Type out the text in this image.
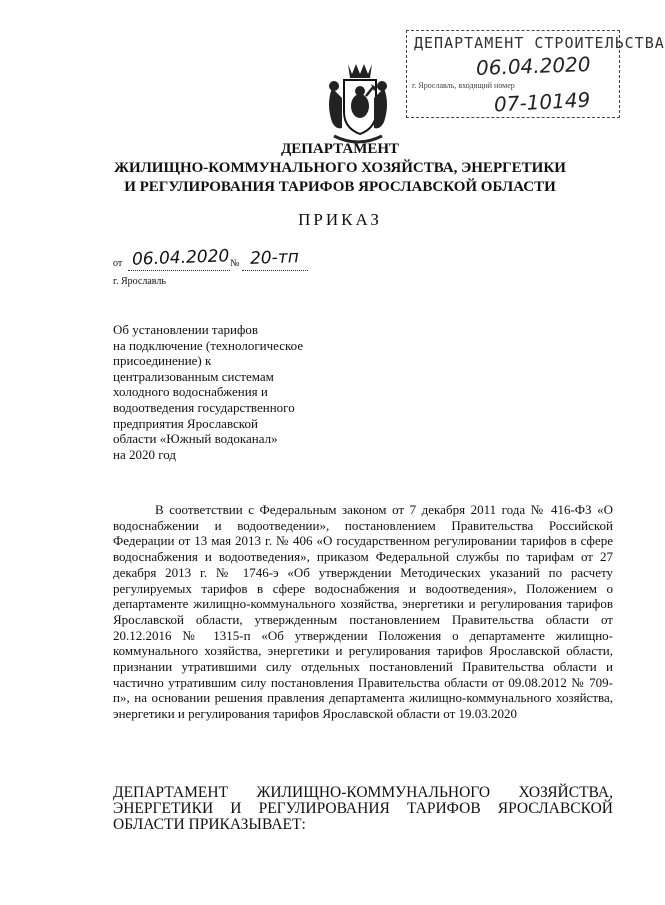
ДЕПАРТАМЕНТ СТРОИТЕЛЬСТВА
06.04.2020
г. Ярославль, входящий номер
07-10149
ДЕПАРТАМЕНТ
ЖИЛИЩНО-КОММУНАЛЬНОГО ХОЗЯЙСТВА, ЭНЕРГЕТИКИ
И РЕГУЛИРОВАНИЯ ТАРИФОВ ЯРОСЛАВСКОЙ ОБЛАСТИ
ПРИКАЗ
от	№
06.04.2020 20-тп
г. Ярославль
Об установлении тарифов
на подключение (технологическое
присоединение) к
централизованным системам
холодного водоснабжения и
водоотведения государственного
предприятия Ярославской
области «Южный водоканал»
на 2020 год
В соответствии с Федеральным законом от 7 декабря 2011 года № 416-ФЗ «О водоснабжении и водоотведении», постановлением Правительства Российской Федерации от 13 мая 2013 г. № 406 «О государственном регулировании тарифов в сфере водоснабжения и водоотведения», приказом Федеральной службы по тарифам от 27 декабря 2013 г. № 1746-э «Об утверждении Методических указаний по расчету регулируемых тарифов в сфере водоснабжения и водоотведения», Положением о департаменте жилищно-коммунального хозяйства, энергетики и регулирования тарифов Ярославской области, утвержденным постановлением Правительства области от 20.12.2016 № 1315-п «Об утверждении Положения о департаменте жилищно-коммунального хозяйства, энергетики и регулирования тарифов Ярославской области, признании утратившими силу отдельных постановлений Правительства области и частично утратившим силу постановления Правительства области от 09.08.2012 № 709-п», на основании решения правления департамента жилищно-коммунального хозяйства, энергетики и регулирования тарифов Ярославской области от 19.03.2020
ДЕПАРТАМЕНТ ЖИЛИЩНО-КОММУНАЛЬНОГО ХОЗЯЙСТВА, ЭНЕРГЕТИКИ И РЕГУЛИРОВАНИЯ ТАРИФОВ ЯРОСЛАВСКОЙ
ОБЛАСТИ ПРИКАЗЫВАЕТ:
